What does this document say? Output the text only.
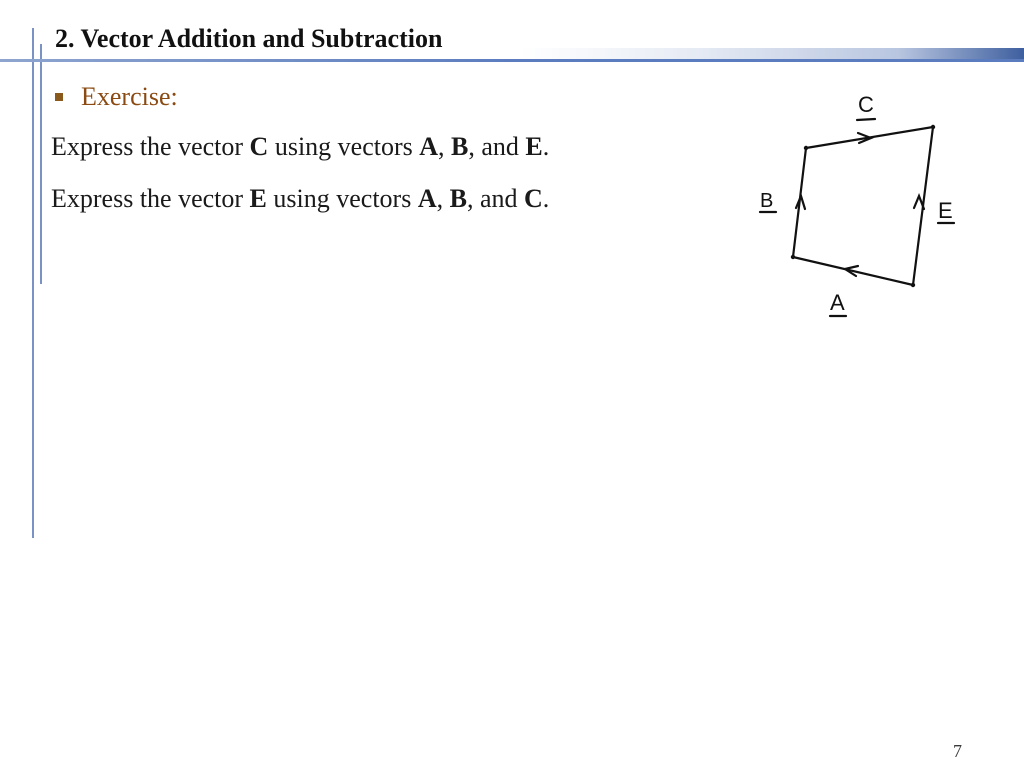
2. Vector Addition and Subtraction
Exercise:
Express the vector C using vectors A, B, and E.
Express the vector E using vectors A, B, and C.
C
B	E
A
7
